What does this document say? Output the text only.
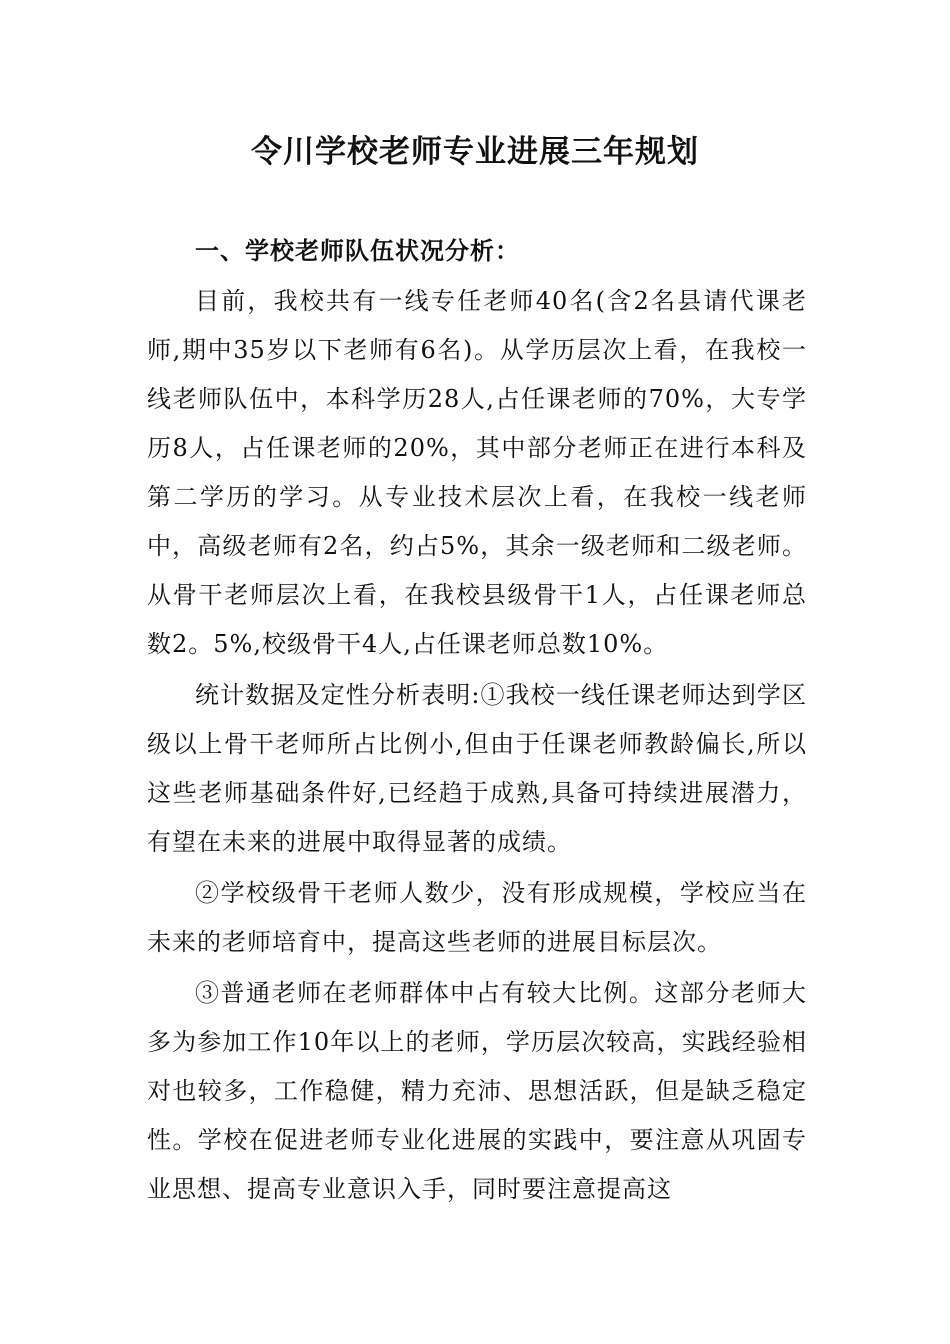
令川学校老师专业进展三年规划
一、学校老师队伍状况分析：

目前，我校共有一线专任老师40名(含2名县请代课老师,期中35岁以下老师有6名)。从学历层次上看，在我校一线老师队伍中，本科学历28人,占任课老师的70%，大专学历8人，占任课老师的20%，其中部分老师正在进行本科及第二学历的学习。从专业技术层次上看，在我校一线老师中，高级老师有2名，约占5%，其余一级老师和二级老师。从骨干老师层次上看，在我校县级骨干1人，占任课老师总数2。5%,校级骨干4人,占任课老师总数10%。

统计数据及定性分析表明:①我校一线任课老师达到学区级以上骨干老师所占比例小,但由于任课老师教龄偏长,所以这些老师基础条件好,已经趋于成熟,具备可持续进展潜力，有望在未来的进展中取得显著的成绩。

②学校级骨干老师人数少，没有形成规模，学校应当在未来的老师培育中，提高这些老师的进展目标层次。

③普通老师在老师群体中占有较大比例。这部分老师大多为参加工作10年以上的老师，学历层次较高，实践经验相对也较多，工作稳健，精力充沛、思想活跃，但是缺乏稳定性。学校在促进老师专业化进展的实践中，要注意从巩固专业思想、提高专业意识入手，同时要注意提高这
